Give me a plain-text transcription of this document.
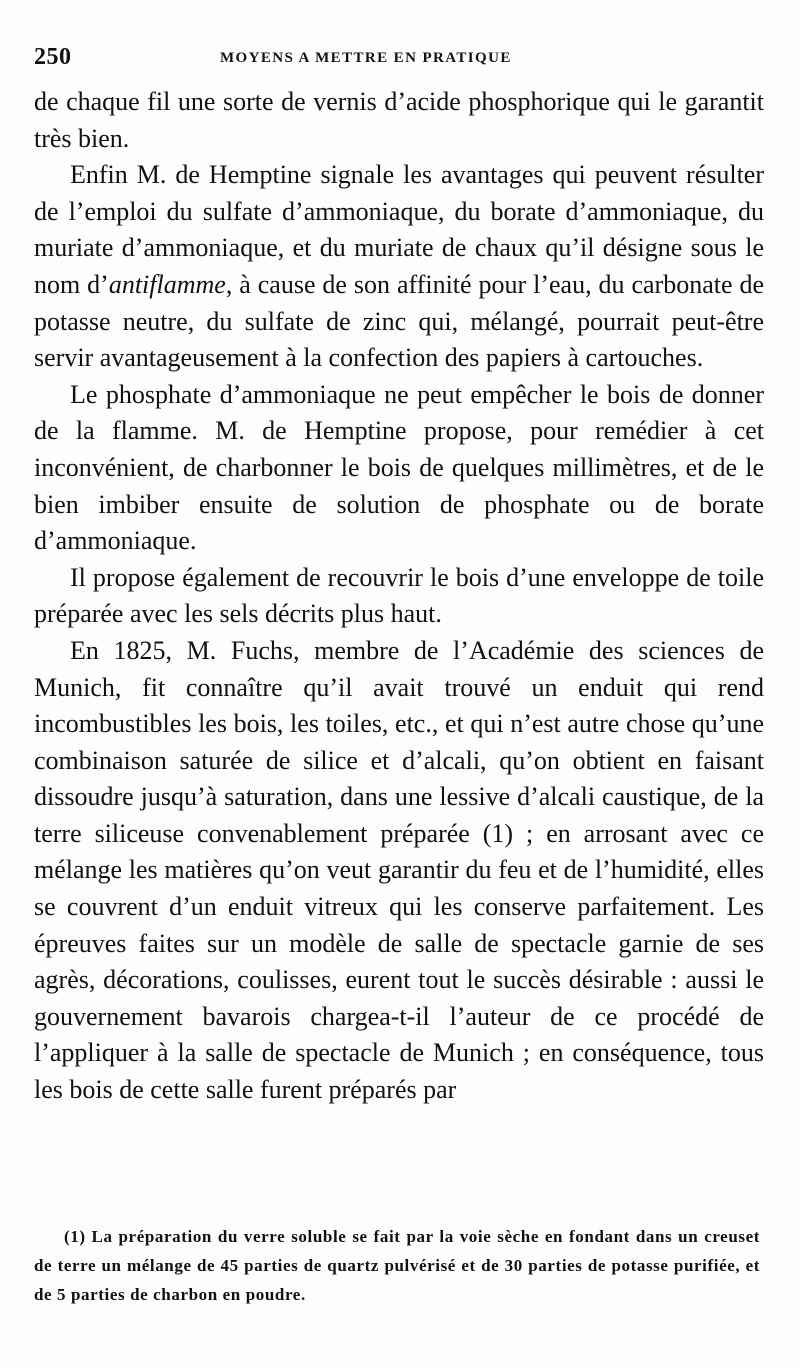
250	MOYENS A METTRE EN PRATIQUE

de chaque fil une sorte de vernis d’acide phosphorique qui le garantit très bien.

Enfin M. de Hemptine signale les avantages qui peuvent résulter de l’emploi du sulfate d’ammoniaque, du borate d’ammoniaque, du muriate d’ammoniaque, et du muriate de chaux qu’il désigne sous le nom d’antiflamme, à cause de son affinité pour l’eau, du carbonate de potasse neutre, du sulfate de zinc qui, mélangé, pourrait peut-être servir avantageusement à la confection des papiers à cartouches.

Le phosphate d’ammoniaque ne peut empêcher le bois de donner de la flamme. M. de Hemptine propose, pour remédier à cet inconvénient, de charbonner le bois de quelques millimètres, et de le bien imbiber ensuite de solution de phosphate ou de borate d’ammoniaque.

Il propose également de recouvrir le bois d’une enveloppe de toile préparée avec les sels décrits plus haut.

En 1825, M. Fuchs, membre de l’Académie des sciences de Munich, fit connaître qu’il avait trouvé un enduit qui rend incombustibles les bois, les toiles, etc., et qui n’est autre chose qu’une combinaison saturée de silice et d’alcali, qu’on obtient en faisant dissoudre jusqu’à saturation, dans une lessive d’alcali caustique, de la terre siliceuse convenablement préparée (1) ; en arrosant avec ce mélange les matières qu’on veut garantir du feu et de l’humidité, elles se couvrent d’un enduit vitreux qui les conserve parfaitement. Les épreuves faites sur un modèle de salle de spectacle garnie de ses agrès, décorations, coulisses, eurent tout le succès désirable : aussi le gouvernement bavarois chargea-t-il l’auteur de ce procédé de l’appliquer à la salle de spectacle de Munich ; en conséquence, tous les bois de cette salle furent préparés par

(1) La préparation du verre soluble se fait par la voie sèche en fondant dans un creuset de terre un mélange de 45 parties de quartz pulvérisé et de 30 parties de potasse purifiée, et de 5 parties de charbon en poudre.
